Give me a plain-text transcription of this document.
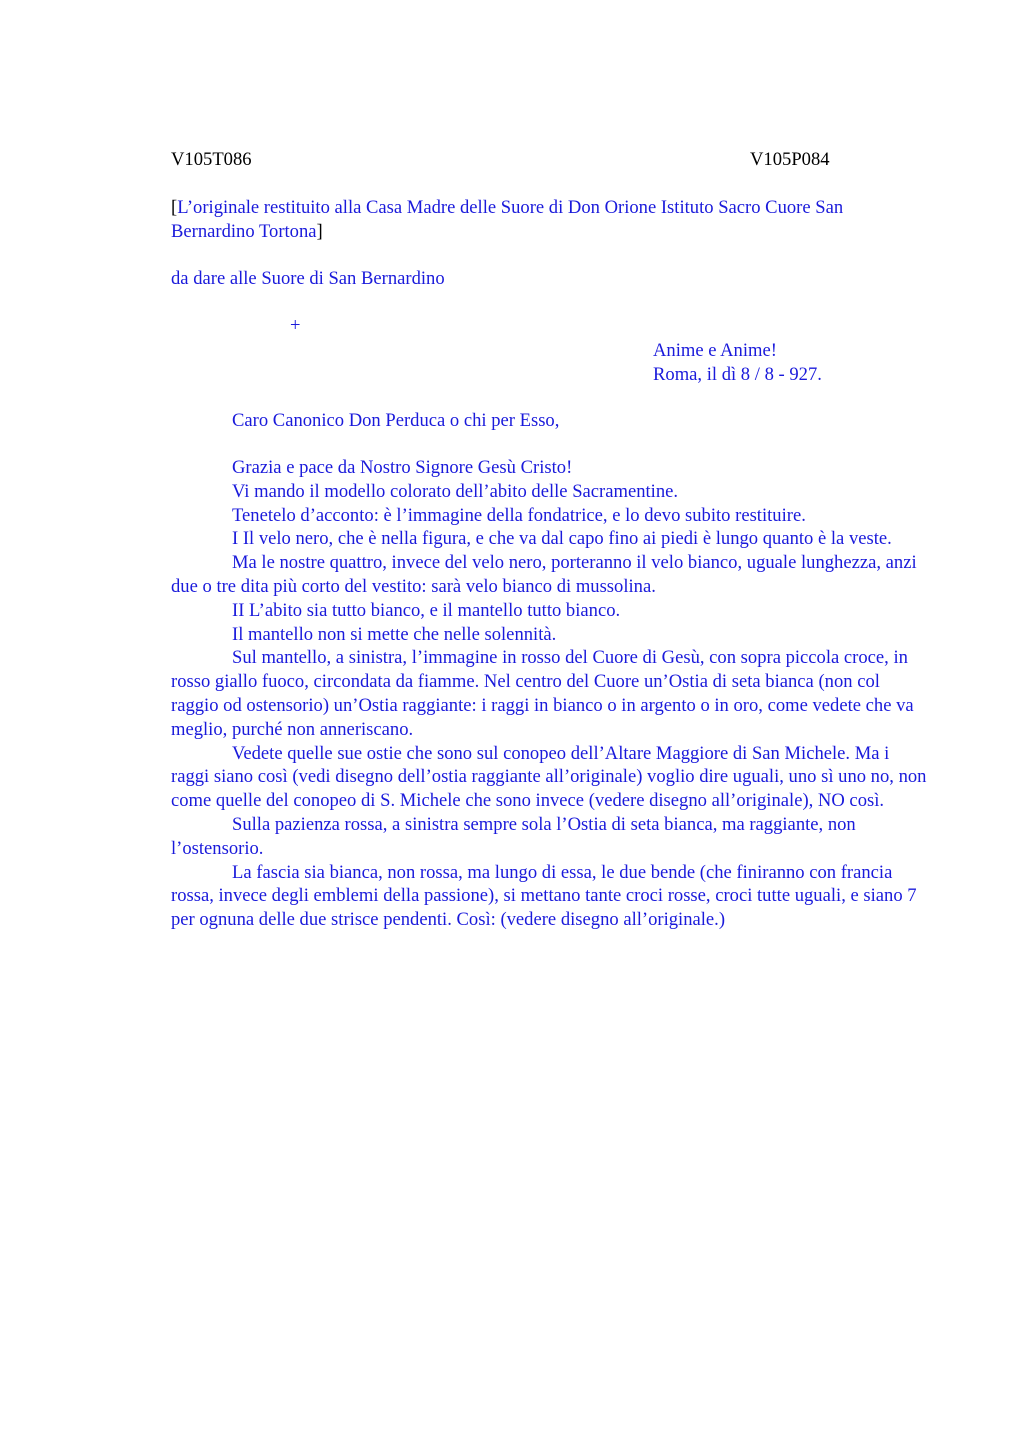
V105T086	V105P084
[L’originale restituito alla Casa Madre delle Suore di Don Orione Istituto Sacro Cuore San Bernardino Tortona]
da dare alle Suore di San Bernardino
+
Anime e Anime!
Roma, il dì 8 / 8 - 927.
Caro Canonico Don Perduca o chi per Esso,

Grazia e pace da Nostro Signore Gesù Cristo!

Vi mando il modello colorato dell’abito delle Sacramentine.

Tenetelo d’acconto: è l’immagine della fondatrice, e lo devo subito restituire.

I Il velo nero, che è nella figura, e che va dal capo fino ai piedi è lungo quanto è la veste.

Ma le nostre quattro, invece del velo nero, porteranno il velo bianco, uguale lunghezza, anzi due o tre dita più corto del vestito: sarà velo bianco di mussolina.

II L’abito sia tutto bianco, e il mantello tutto bianco.

Il mantello non si mette che nelle solennità.

Sul mantello, a sinistra, l’immagine in rosso del Cuore di Gesù, con sopra piccola croce, in rosso giallo fuoco, circondata da fiamme. Nel centro del Cuore un’Ostia di seta bianca (non col raggio od ostensorio) un’Ostia raggiante: i raggi in bianco o in argento o in oro, come vedete che va meglio, purché non anneriscano.

Vedete quelle sue ostie che sono sul conopeo dell’Altare Maggiore di San Michele. Ma i raggi siano così (vedi disegno dell’ostia raggiante all’originale) voglio dire uguali, uno sì uno no, non come quelle del conopeo di S. Michele che sono invece (vedere disegno all’originale), NO così.

Sulla pazienza rossa, a sinistra sempre sola l’Ostia di seta bianca, ma raggiante, non l’ostensorio.

La fascia sia bianca, non rossa, ma lungo di essa, le due bende (che finiranno con francia rossa, invece degli emblemi della passione), si mettano tante croci rosse, croci tutte uguali, e siano 7 per ognuna delle due strisce pendenti. Così: (vedere disegno all’originale.)
